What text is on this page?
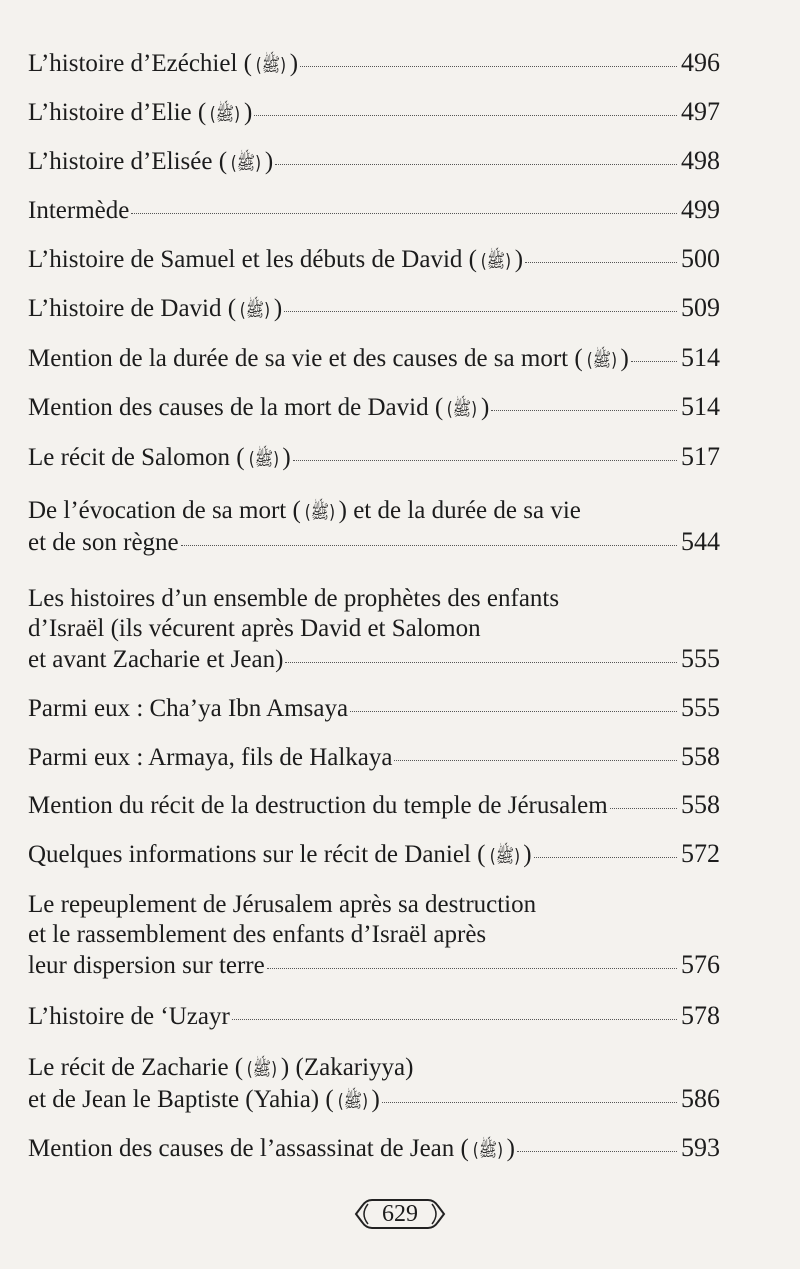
L’histoire d’Ezéchiel ( (ﷺ) )	496
L’histoire d’Elie ( (ﷺ) )	497
L’histoire d’Elisée ( (ﷺ) )	498
Intermède	499
L’histoire de Samuel et les débuts de David ( (ﷺ) )	500
L’histoire de David ( (ﷺ) )	509
Mention de la durée de sa vie et des causes de sa mort ( (ﷺ) ) 514
Mention des causes de la mort de David ( (ﷺ) )	514
Le récit de Salomon ( (ﷺ) )	517
De l’évocation de sa mort ( (ﷺ) ) et de la durée de sa vie
et de son règne	544
Les histoires d’un ensemble de prophètes des enfants
d’Israël (ils vécurent après David et Salomon
et avant Zacharie et Jean)	555
Parmi eux : Cha’ya Ibn Amsaya	555
Parmi eux : Armaya, fils de Halkaya	558
Mention du récit de la destruction du temple de Jérusalem	558
Quelques informations sur le récit de Daniel ( (ﷺ) )	572
Le repeuplement de Jérusalem après sa destruction
et le rassemblement des enfants d’Israël après
leur dispersion sur terre	576
L’histoire de ‘Uzayr	578
Le récit de Zacharie ( (ﷺ) ) (Zakariyya)
et de Jean le Baptiste (Yahia) ( (ﷺ) )	586
Mention des causes de l’assassinat de Jean ( (ﷺ) )	593
629
